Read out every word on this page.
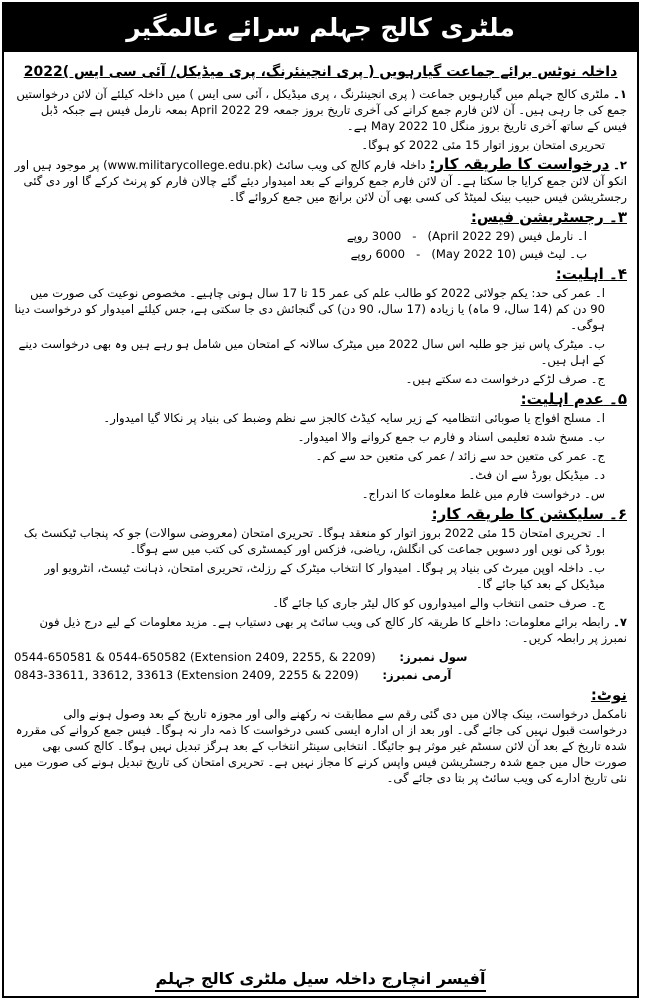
ملٹری کالج جہلم سرائے عالمگیر
داخلہ نوٹس برائے جماعت گیارہویں ( پری انجینئرنگ، پری میڈیکل/ آئی سی ایس )2022
۱۔ ملٹری کالج جہلم میں گیارہویں جماعت ( پری انجینئرنگ ، پری میڈیکل ، آئی سی ایس ) میں داخلہ کیلئے آن لائن درخواستیں جمع کی جا رہی ہیں۔ آن لائن فارم جمع کرانے کی آخری تاریخ بروز جمعہ 29 April 2022 بمعہ نارمل فیس ہے جبکہ ڈبل فیس کے ساتھ آخری تاریخ بروز منگل 10 May 2022 ہے۔
تحریری امتحان بروز اتوار 15 مئی 2022 کو ہوگا۔
۲۔ درخواست کا طریقہ کار: داخلہ فارم کالج کی ویب سائٹ (www.militarycollege.edu.pk) پر موجود ہیں اور انکو آن لائن جمع کرایا جا سکتا ہے۔ آن لائن فارم جمع کروانے کے بعد امیدوار دیئے گئے چالان فارم کو پرنٹ کرکے گا اور دی گئی رجسٹریشن فیس حبیب بینک لمیٹڈ کی کسی بھی آن لائن برانچ میں جمع کروائے گا۔
۳۔ رجسٹریشن فیس:
ا۔ نارمل فیس (29 April 2022)   -   3000 روپے
ب۔ لیٹ فیس (10 May 2022)   -   6000 روپے
۴۔ اہلیت:
ا۔ عمر کی حد: یکم جولائی 2022 کو طالب علم کی عمر 15 تا 17 سال ہونی چاہیے۔ مخصوص نوعیت کی صورت میں 90 دن کم (14 سال، 9 ماہ) یا زیادہ (17 سال، 90 دن) کی گنجائش دی جا سکتی ہے، جس کیلئے امیدوار کو درخواست دینا ہوگی۔
ب۔ میٹرک پاس نیز جو طلبہ اس سال 2022 میں میٹرک سالانہ کے امتحان میں شامل ہو رہے ہیں وہ بھی درخواست دینے کے اہل ہیں۔
ج۔ صرف لڑکے درخواست دے سکتے ہیں۔
۵۔ عدم اہلیت:
ا۔ مسلح افواج یا صوبائی انتظامیہ کے زیر سایہ کیڈٹ کالجز سے نظم وضبط کی بنیاد پر نکالا گیا امیدوار۔
ب۔ مسخ شدہ تعلیمی اسناد و فارم ب جمع کروانے والا امیدوار۔
ج۔ عمر کی متعین حد سے زائد / عمر کی متعین حد سے کم۔
د۔ میڈیکل بورڈ سے ان فٹ۔
س۔ درخواست فارم میں غلط معلومات کا اندراج۔
۶۔ سلیکشن کا طریقہ کار:
ا۔ تحریری امتحان 15 مئی 2022 بروز اتوار کو منعقد ہوگا۔ تحریری امتحان (معروضی سوالات) جو کہ پنجاب ٹیکسٹ بک بورڈ کی نویں اور دسویں جماعت کی انگلش، ریاضی، فزکس اور کیمسٹری کی کتب میں سے ہوگا۔
ب۔ داخلہ اوپن میرٹ کی بنیاد پر ہوگا۔ امیدوار کا انتخاب میٹرک کے رزلٹ، تحریری امتحان، ذہانت ٹیسٹ، انٹرویو اور میڈیکل کے بعد کیا جائے گا۔
ج۔ صرف حتمی انتخاب والے امیدواروں کو کال لیٹر جاری کیا جائے گا۔
۷۔ رابطہ برائے معلومات: داخلے کا طریقہ کار کالج کی ویب سائٹ پر بھی دستیاب ہے۔ مزید معلومات کے لیے درج ذیل فون نمبرز پر رابطہ کریں۔
سول نمبرز: 0544-650581 & 0544-650582 (Extension 2409, 2255, & 2209)
آرمی نمبرز: 0843-33611, 33612, 33613 (Extension 2409, 2255 & 2209)
نوٹ:
نامکمل درخواست، بینک چالان میں دی گئی رقم سے مطابقت نہ رکھنے والی اور مجوزہ تاریخ کے بعد وصول ہونے والی درخواست قبول نہیں کی جائے گی۔ اور بعد از اں ادارہ ایسی کسی درخواست کا ذمہ دار نہ ہوگا۔ فیس جمع کروانے کی مقررہ شدہ تاریخ کے بعد آن لائن سسٹم غیر موثر ہو جائیگا۔ انتخابی سینٹر انتخاب کے بعد ہرگز تبدیل نہیں ہوگا۔ کالج کسی بھی صورت حال میں جمع شدہ رجسٹریشن فیس واپس کرنے کا مجاز نہیں ہے۔ تحریری امتحان کی تاریخ تبدیل ہونے کی صورت میں نئی تاریخ ادارے کی ویب سائٹ پر بتا دی جائے گی۔
آفیسر انچارج داخلہ سیل ملٹری کالج جہلم
